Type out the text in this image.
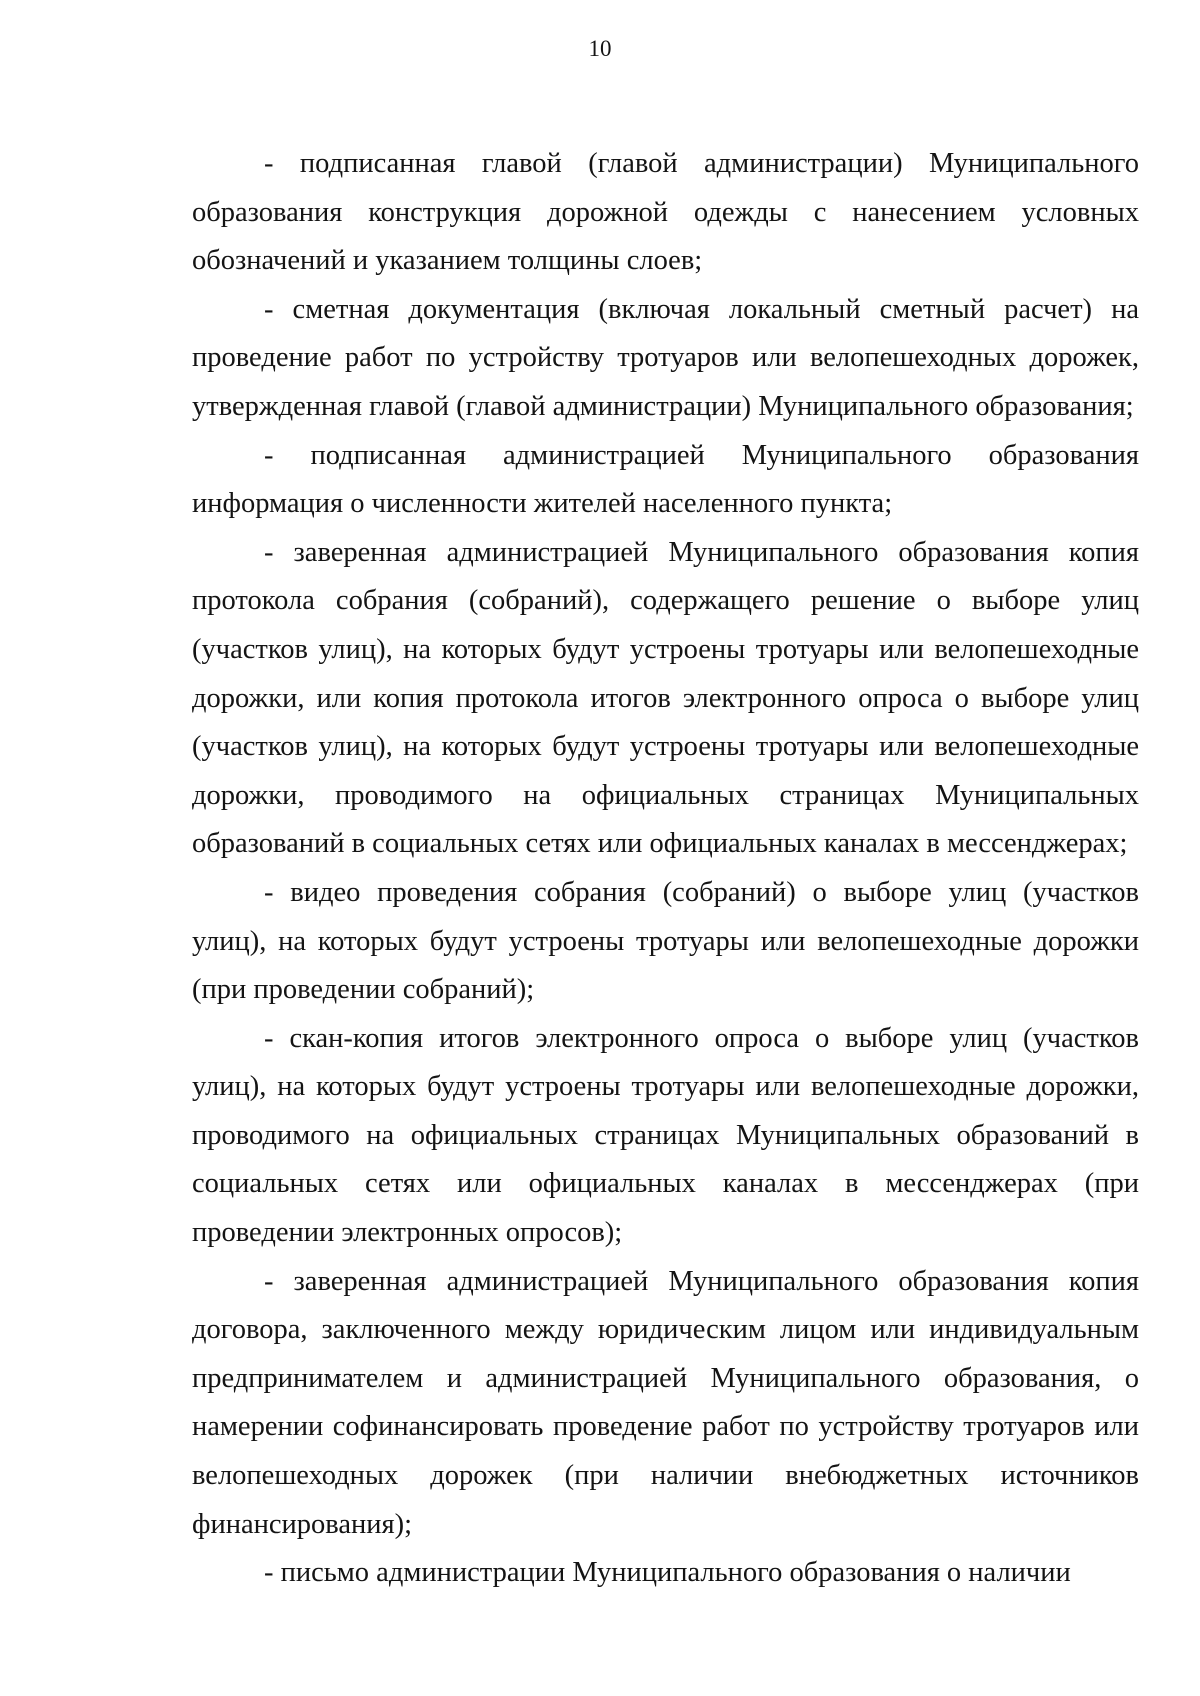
10

- подписанная главой (главой администрации) Муниципального образования конструкция дорожной одежды с нанесением условных обозначений и указанием толщины слоев;

- сметная документация (включая локальный сметный расчет) на проведение работ по устройству тротуаров или велопешеходных дорожек, утвержденная главой (главой администрации) Муниципального образования;

- подписанная администрацией Муниципального образования информация о численности жителей населенного пункта;

- заверенная администрацией Муниципального образования копия протокола собрания (собраний), содержащего решение о выборе улиц (участков улиц), на которых будут устроены тротуары или велопешеходные дорожки, или копия протокола итогов электронного опроса о выборе улиц (участков улиц), на которых будут устроены тротуары или велопешеходные дорожки, проводимого на официальных страницах Муниципальных образований в социальных сетях или официальных каналах в мессенджерах;

- видео проведения собрания (собраний) о выборе улиц (участков улиц), на которых будут устроены тротуары или велопешеходные дорожки (при проведении собраний);

- скан-копия итогов электронного опроса о выборе улиц (участков улиц), на которых будут устроены тротуары или велопешеходные дорожки, проводимого на официальных страницах Муниципальных образований в социальных сетях или официальных каналах в мессенджерах (при проведении электронных опросов);

- заверенная администрацией Муниципального образования копия договора, заключенного между юридическим лицом или индивидуальным предпринимателем и администрацией Муниципального образования, о намерении софинансировать проведение работ по устройству тротуаров или велопешеходных дорожек (при наличии внебюджетных источников финансирования);

- письмо администрации Муниципального образования о наличии
